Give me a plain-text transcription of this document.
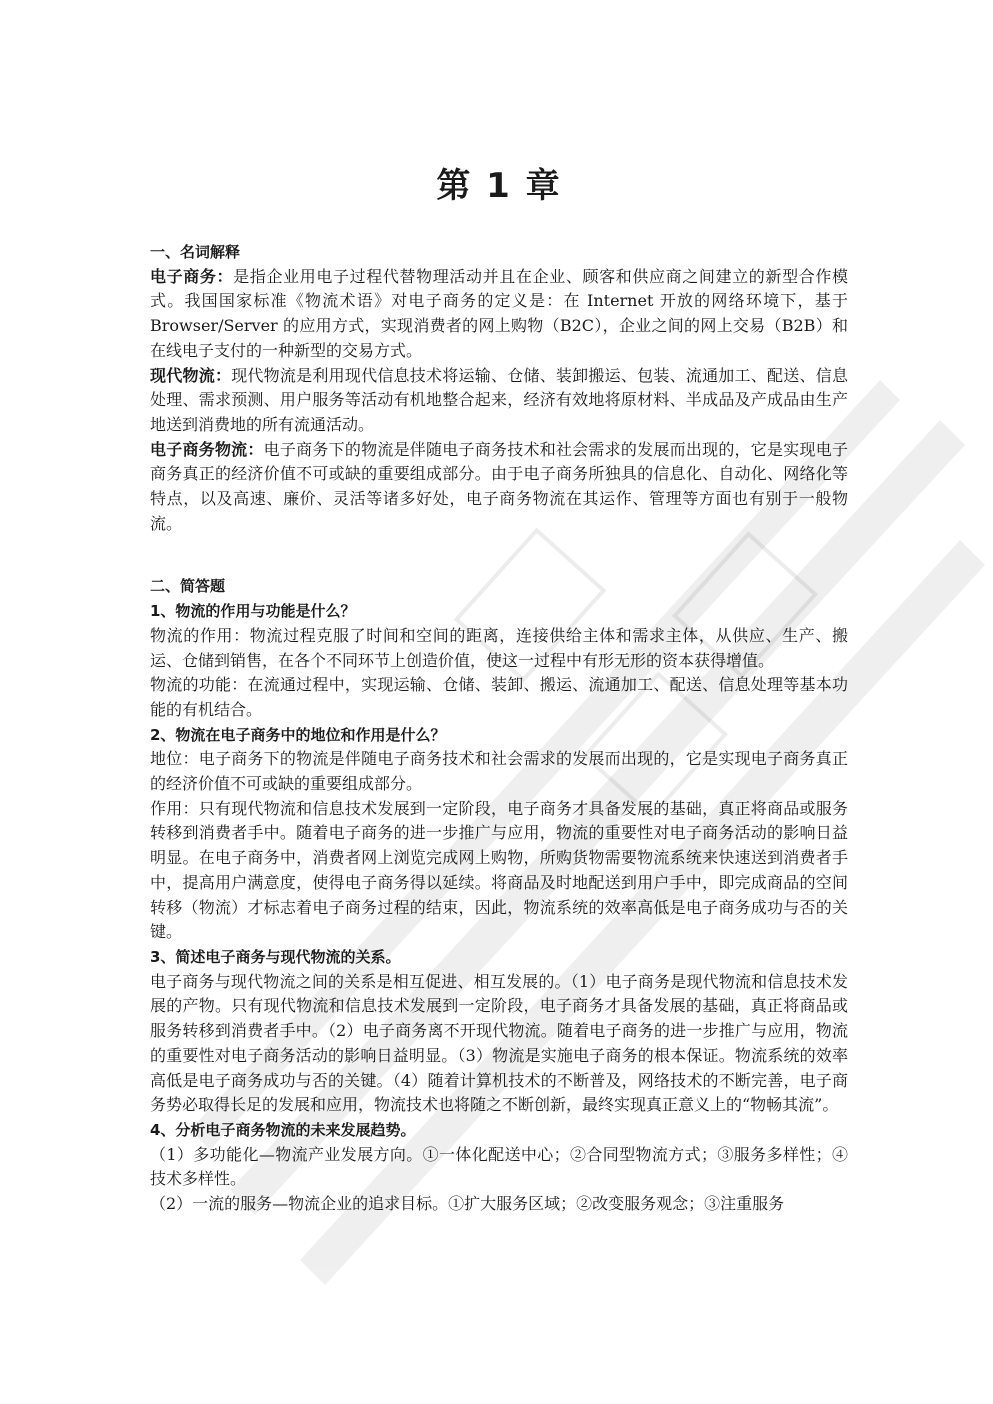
第 1 章
一、名词解释

电子商务：是指企业用电子过程代替物理活动并且在企业、顾客和供应商之间建立的新型合作模式。我国国家标准《物流术语》对电子商务的定义是：在 Internet 开放的网络环境下，基于 Browser/Server 的应用方式，实现消费者的网上购物（B2C），企业之间的网上交易（B2B）和在线电子支付的一种新型的交易方式。

现代物流：现代物流是利用现代信息技术将运输、仓储、装卸搬运、包装、流通加工、配送、信息处理、需求预测、用户服务等活动有机地整合起来，经济有效地将原材料、半成品及产成品由生产地送到消费地的所有流通活动。

电子商务物流：电子商务下的物流是伴随电子商务技术和社会需求的发展而出现的，它是实现电子商务真正的经济价值不可或缺的重要组成部分。由于电子商务所独具的信息化、自动化、网络化等特点，以及高速、廉价、灵活等诸多好处，电子商务物流在其运作、管理等方面也有别于一般物流。

二、简答题
1、物流的作用与功能是什么？

物流的作用：物流过程克服了时间和空间的距离，连接供给主体和需求主体，从供应、生产、搬运、仓储到销售，在各个不同环节上创造价值，使这一过程中有形无形的资本获得增值。

物流的功能：在流通过程中，实现运输、仓储、装卸、搬运、流通加工、配送、信息处理等基本功能的有机结合。

2、物流在电子商务中的地位和作用是什么？

地位：电子商务下的物流是伴随电子商务技术和社会需求的发展而出现的，它是实现电子商务真正的经济价值不可或缺的重要组成部分。

作用：只有现代物流和信息技术发展到一定阶段，电子商务才具备发展的基础，真正将商品或服务转移到消费者手中。随着电子商务的进一步推广与应用，物流的重要性对电子商务活动的影响日益明显。在电子商务中，消费者网上浏览完成网上购物，所购货物需要物流系统来快速送到消费者手中，提高用户满意度，使得电子商务得以延续。将商品及时地配送到用户手中，即完成商品的空间转移（物流）才标志着电子商务过程的结束，因此，物流系统的效率高低是电子商务成功与否的关键。

3、简述电子商务与现代物流的关系。

电子商务与现代物流之间的关系是相互促进、相互发展的。（1）电子商务是现代物流和信息技术发展的产物。只有现代物流和信息技术发展到一定阶段，电子商务才具备发展的基础，真正将商品或服务转移到消费者手中。（2）电子商务离不开现代物流。随着电子商务的进一步推广与应用，物流的重要性对电子商务活动的影响日益明显。（3）物流是实施电子商务的根本保证。物流系统的效率高低是电子商务成功与否的关键。（4）随着计算机技术的不断普及，网络技术的不断完善，电子商务势必取得长足的发展和应用，物流技术也将随之不断创新，最终实现真正意义上的“物畅其流”。

4、分析电子商务物流的未来发展趋势。

（1）多功能化—物流产业发展方向。①一体化配送中心；②合同型物流方式；③服务多样性；④技术多样性。

（2）一流的服务—物流企业的追求目标。①扩大服务区域；②改变服务观念；③注重服务
